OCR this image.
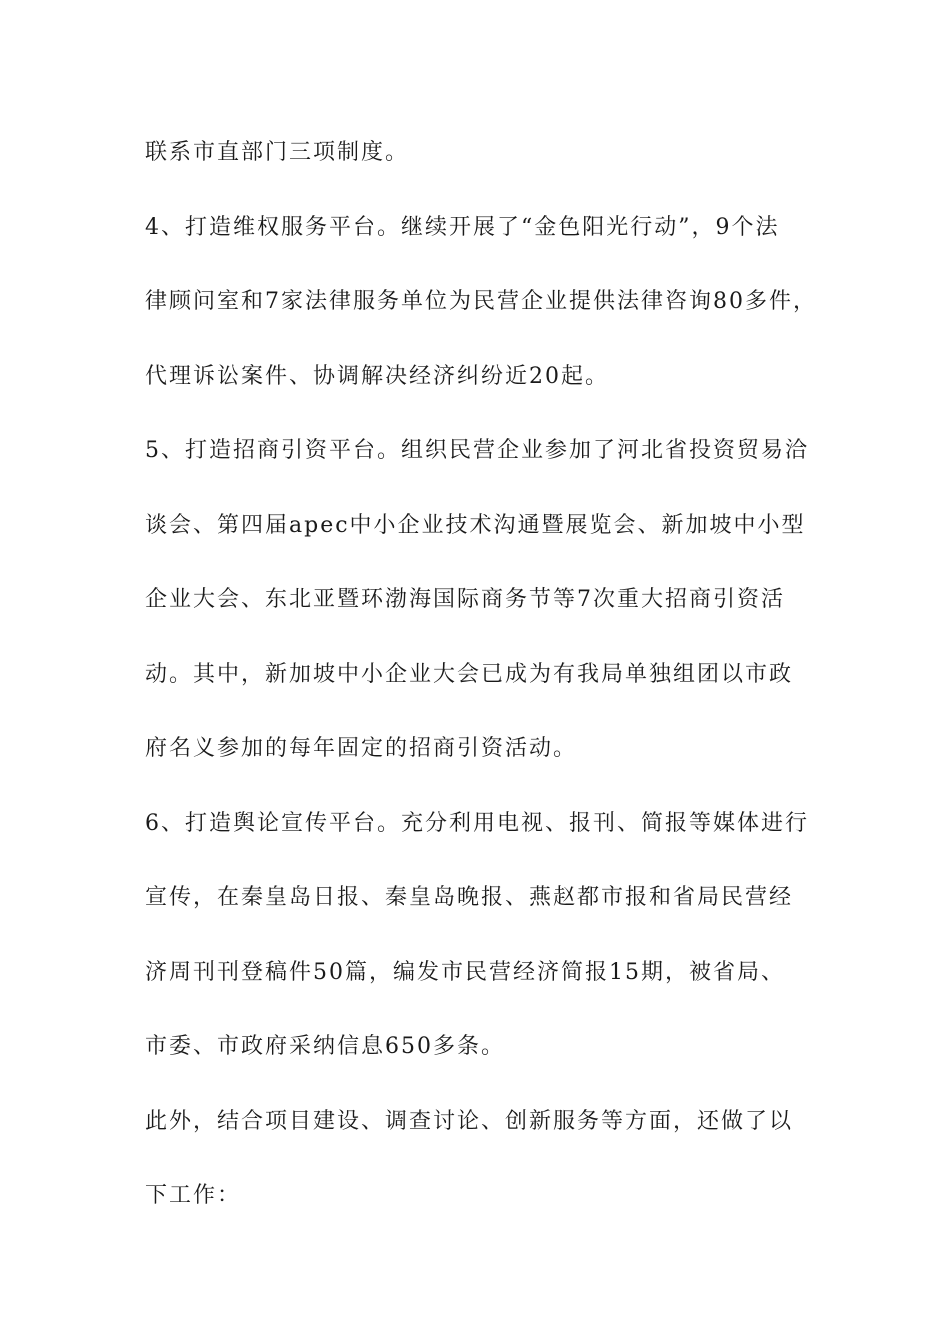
联系市直部门三项制度。
4、打造维权服务平台。继续开展了“金色阳光行动”，9个法
律顾问室和7家法律服务单位为民营企业提供法律咨询80多件，
代理诉讼案件、协调解决经济纠纷近20起。
5、打造招商引资平台。组织民营企业参加了河北省投资贸易洽
谈会、第四届apec中小企业技术沟通暨展览会、新加坡中小型
企业大会、东北亚暨环渤海国际商务节等7次重大招商引资活
动。其中，新加坡中小企业大会已成为有我局单独组团以市政
府名义参加的每年固定的招商引资活动。
6、打造舆论宣传平台。充分利用电视、报刊、简报等媒体进行
宣传，在秦皇岛日报、秦皇岛晚报、燕赵都市报和省局民营经
济周刊刊登稿件50篇，编发市民营经济简报15期，被省局、
市委、市政府采纳信息650多条。
此外，结合项目建设、调查讨论、创新服务等方面，还做了以
下工作：
